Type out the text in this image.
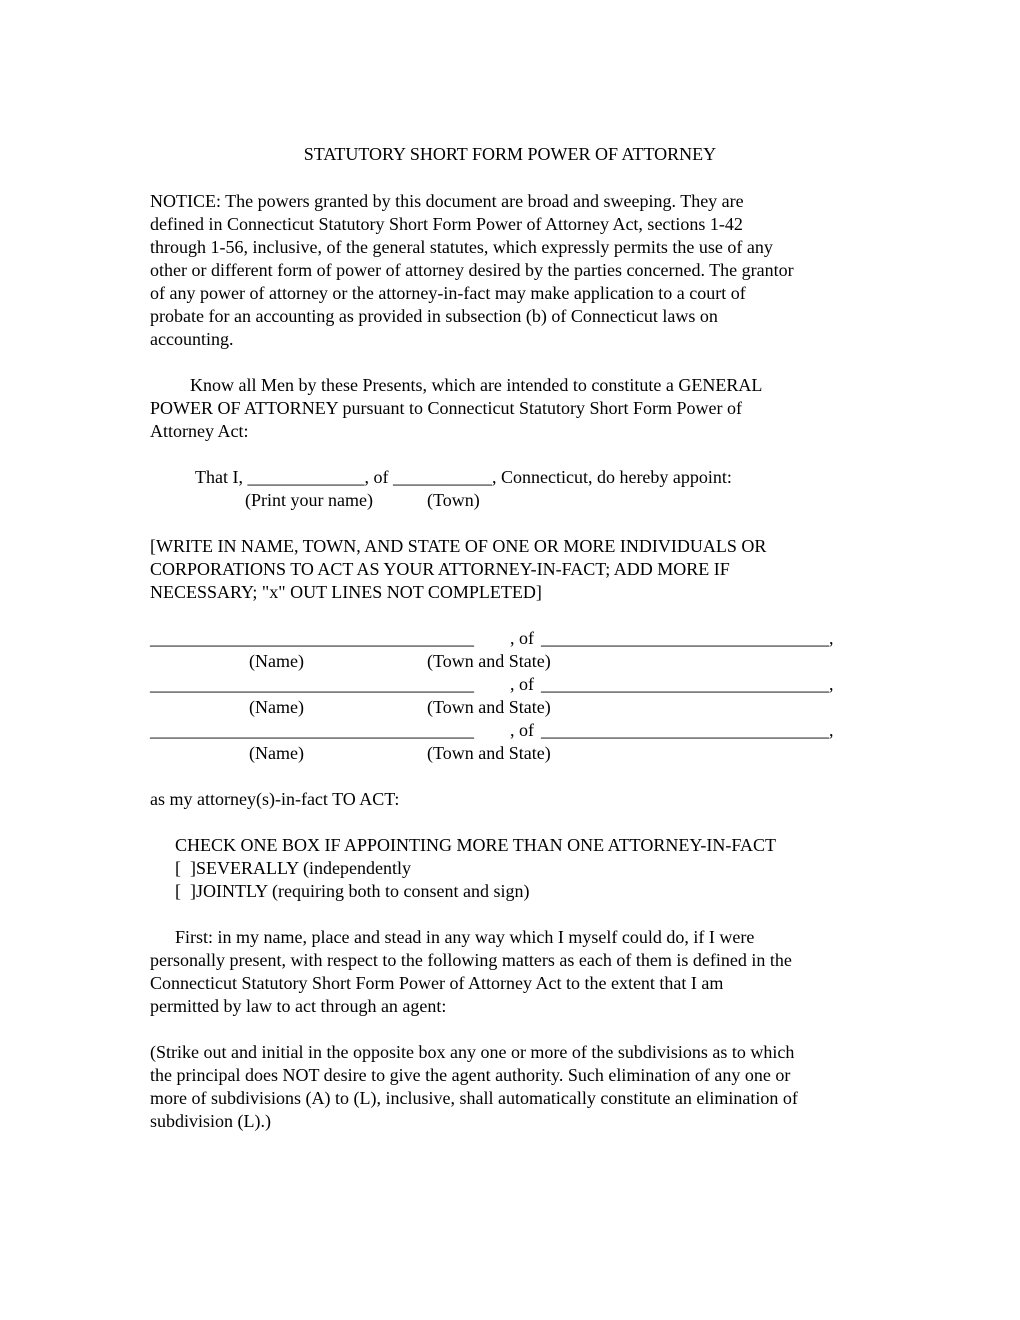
STATUTORY SHORT FORM POWER OF ATTORNEY
NOTICE: The powers granted by this document are broad and sweeping. They are
defined in Connecticut Statutory Short Form Power of Attorney Act, sections 1-42
through 1-56, inclusive, of the general statutes, which expressly permits the use of any
other or different form of power of attorney desired by the parties concerned. The grantor
of any power of attorney or the attorney-in-fact may make application to a court of
probate for an accounting as provided in subsection (b) of Connecticut laws on
accounting.
Know all Men by these Presents, which are intended to constitute a GENERAL
POWER OF ATTORNEY pursuant to Connecticut Statutory Short Form Power of
Attorney Act:
That I, _____________, of ___________, Connecticut, do hereby appoint:
(Print your name)	(Town)
[WRITE IN NAME, TOWN, AND STATE OF ONE OR MORE INDIVIDUALS OR
CORPORATIONS TO ACT AS YOUR ATTORNEY-IN-FACT; ADD MORE IF
NECESSARY; "x" OUT LINES NOT COMPLETED]
____________________________________ , of ________________________________,
(Name)	(Town and State)
____________________________________ , of ________________________________,
(Name)	(Town and State)
____________________________________ , of ________________________________,
(Name)	(Town and State)
as my attorney(s)-in-fact TO ACT:
CHECK ONE BOX IF APPOINTING MORE THAN ONE ATTORNEY-IN-FACT
[  ]SEVERALLY (independently
[  ]JOINTLY (requiring both to consent and sign)
First: in my name, place and stead in any way which I myself could do, if I were
personally present, with respect to the following matters as each of them is defined in the
Connecticut Statutory Short Form Power of Attorney Act to the extent that I am
permitted by law to act through an agent:
(Strike out and initial in the opposite box any one or more of the subdivisions as to which
the principal does NOT desire to give the agent authority. Such elimination of any one or
more of subdivisions (A) to (L), inclusive, shall automatically constitute an elimination of
subdivision (L).)
